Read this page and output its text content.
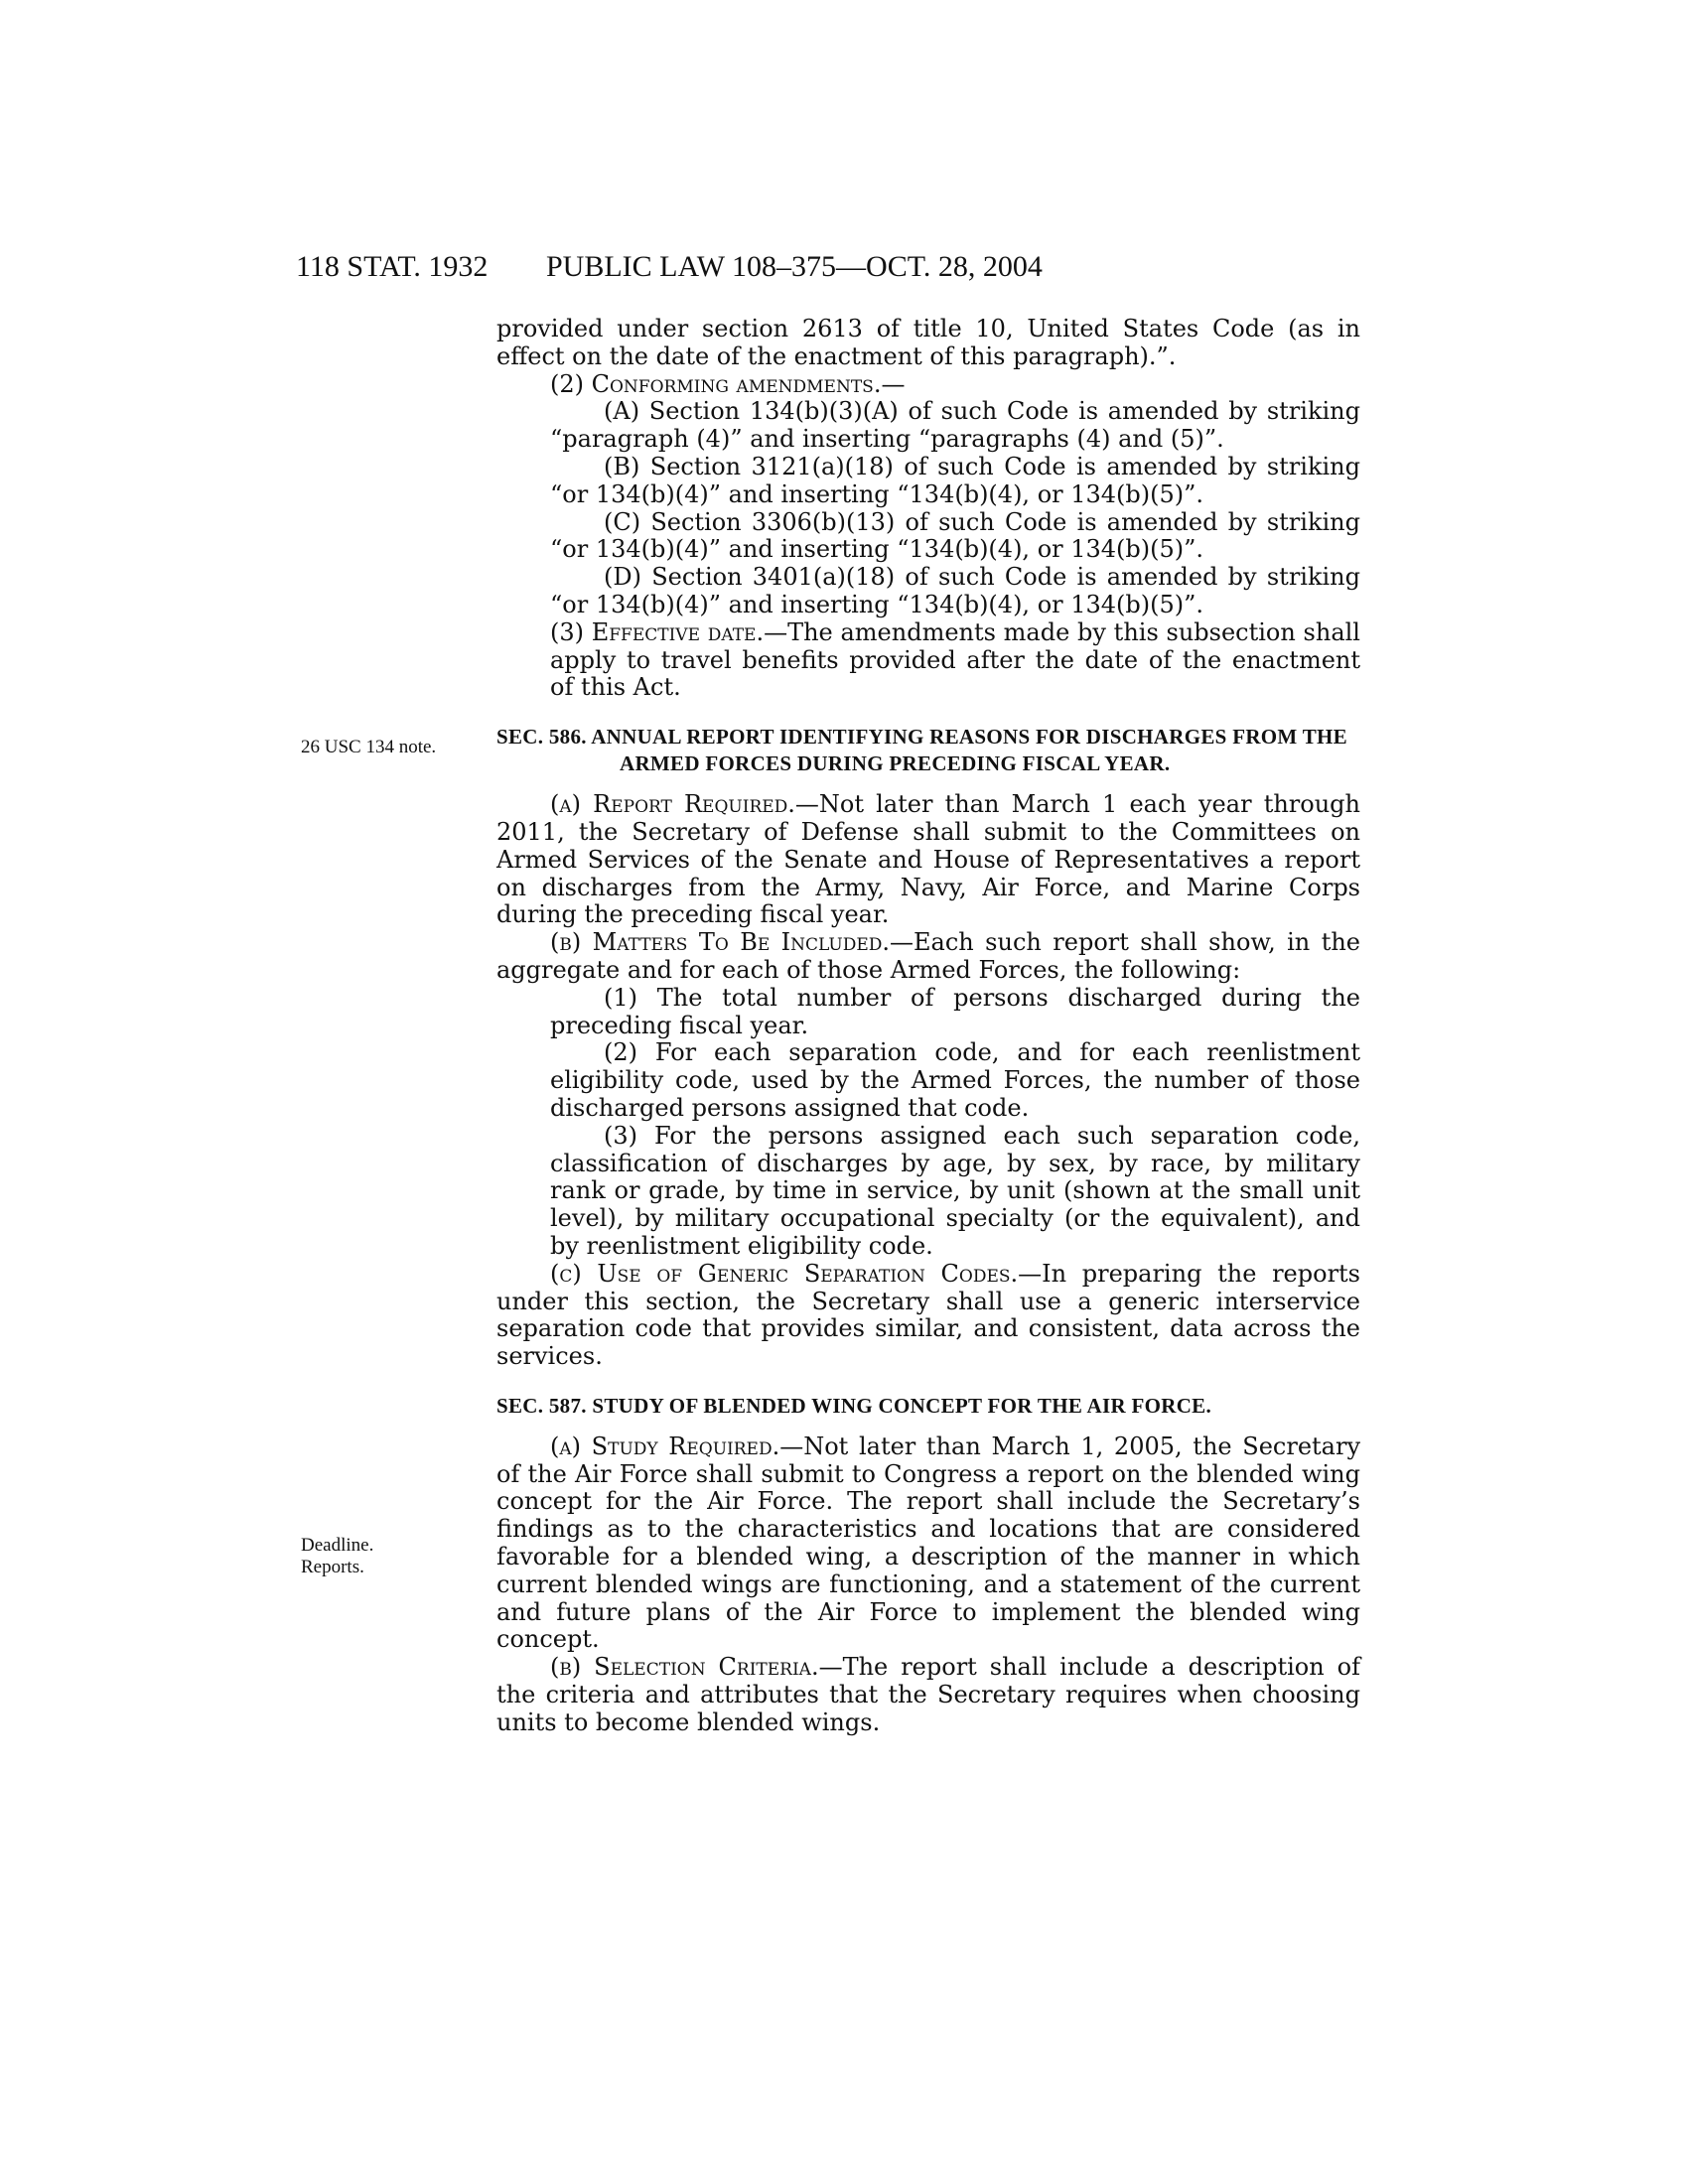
118 STAT. 1932 PUBLIC LAW 108–375—OCT. 28, 2004
26 USC 134 note.
Deadline.
Reports.

provided under section 2613 of title 10, United States Code (as in effect on the date of the enactment of this paragraph).”.

(2) Conforming amendments.—

(A) Section 134(b)(3)(A) of such Code is amended by striking “paragraph (4)” and inserting “paragraphs (4) and (5)”.

(B) Section 3121(a)(18) of such Code is amended by striking “or 134(b)(4)” and inserting “134(b)(4), or 134(b)(5)”.

(C) Section 3306(b)(13) of such Code is amended by striking “or 134(b)(4)” and inserting “134(b)(4), or 134(b)(5)”.

(D) Section 3401(a)(18) of such Code is amended by striking “or 134(b)(4)” and inserting “134(b)(4), or 134(b)(5)”.

(3) Effective date.—The amendments made by this subsection shall apply to travel benefits provided after the date of the enactment of this Act.

SEC. 586. ANNUAL REPORT IDENTIFYING REASONS FOR DISCHARGES FROM THE ARMED FORCES DURING PRECEDING FISCAL YEAR.

(a) Report Required.—Not later than March 1 each year through 2011, the Secretary of Defense shall submit to the Committees on Armed Services of the Senate and House of Representatives a report on discharges from the Army, Navy, Air Force, and Marine Corps during the preceding fiscal year.

(b) Matters To Be Included.—Each such report shall show, in the aggregate and for each of those Armed Forces, the following:

(1) The total number of persons discharged during the preceding fiscal year.

(2) For each separation code, and for each reenlistment eligibility code, used by the Armed Forces, the number of those discharged persons assigned that code.

(3) For the persons assigned each such separation code, classification of discharges by age, by sex, by race, by military rank or grade, by time in service, by unit (shown at the small unit level), by military occupational specialty (or the equivalent), and by reenlistment eligibility code.

(c) Use of Generic Separation Codes.—In preparing the reports under this section, the Secretary shall use a generic interservice separation code that provides similar, and consistent, data across the services.

SEC. 587. STUDY OF BLENDED WING CONCEPT FOR THE AIR FORCE.

(a) Study Required.—Not later than March 1, 2005, the Secretary of the Air Force shall submit to Congress a report on the blended wing concept for the Air Force. The report shall include the Secretary’s findings as to the characteristics and locations that are considered favorable for a blended wing, a description of the manner in which current blended wings are functioning, and a statement of the current and future plans of the Air Force to implement the blended wing concept.

(b) Selection Criteria.—The report shall include a description of the criteria and attributes that the Secretary requires when choosing units to become blended wings.
